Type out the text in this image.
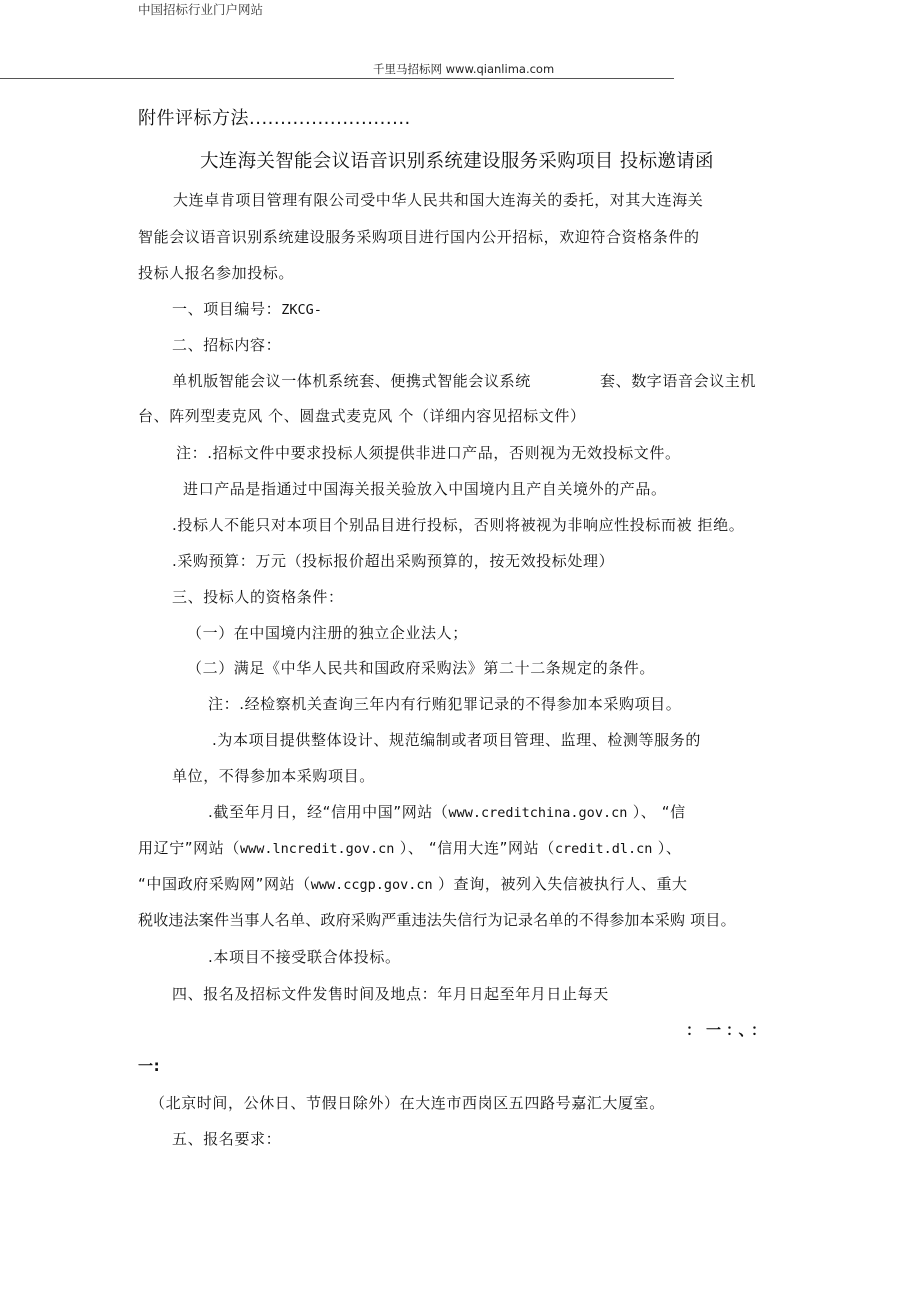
中国招标行业门户网站
千里马招标网 www.qianlima.com
附件评标方法..........................
大连海关智能会议语音识别系统建设服务采购项目 投标邀请函
大连卓肯项目管理有限公司受中华人民共和国大连海关的委托，对其大连海关
智能会议语音识别系统建设服务采购项目进行国内公开招标，欢迎符合资格条件的
投标人报名参加投标。
一、项目编号：ZKCG-
二、招标内容：
单机版智能会议一体机系统套、便携式智能会议系统	套、数字语音会议主机
台、阵列型麦克风 个、圆盘式麦克风 个（详细内容见招标文件）
注：.招标文件中要求投标人须提供非进口产品，否则视为无效投标文件。
进口产品是指通过中国海关报关验放入中国境内且产自关境外的产品。
.投标人不能只对本项目个别品目进行投标，否则将被视为非响应性投标而被 拒绝。
.采购预算：万元（投标报价超出采购预算的，按无效投标处理）
三、投标人的资格条件：
（一）在中国境内注册的独立企业法人；
（二）满足《中华人民共和国政府采购法》第二十二条规定的条件。
注：.经检察机关查询三年内有行贿犯罪记录的不得参加本采购项目。
.为本项目提供整体设计、规范编制或者项目管理、监理、检测等服务的
单位，不得参加本采购项目。
.截至年月日，经“信用中国”网站（www.creditchina.gov.cn ）、 “信
用辽宁”网站（www.lncredit.gov.cn ）、 “信用大连”网站（credit.dl.cn ）、
“中国政府采购网”网站（www.ccgp.gov.cn ）查询，被列入失信被执行人、重大
税收违法案件当事人名单、政府采购严重违法失信行为记录名单的不得参加本采购 项目。
.本项目不接受联合体投标。
四、报名及招标文件发售时间及地点：年月日起至年月日止每天
：一：、：
一:
（北京时间，公休日、节假日除外）在大连市西岗区五四路号嘉汇大厦室。
五、报名要求：
